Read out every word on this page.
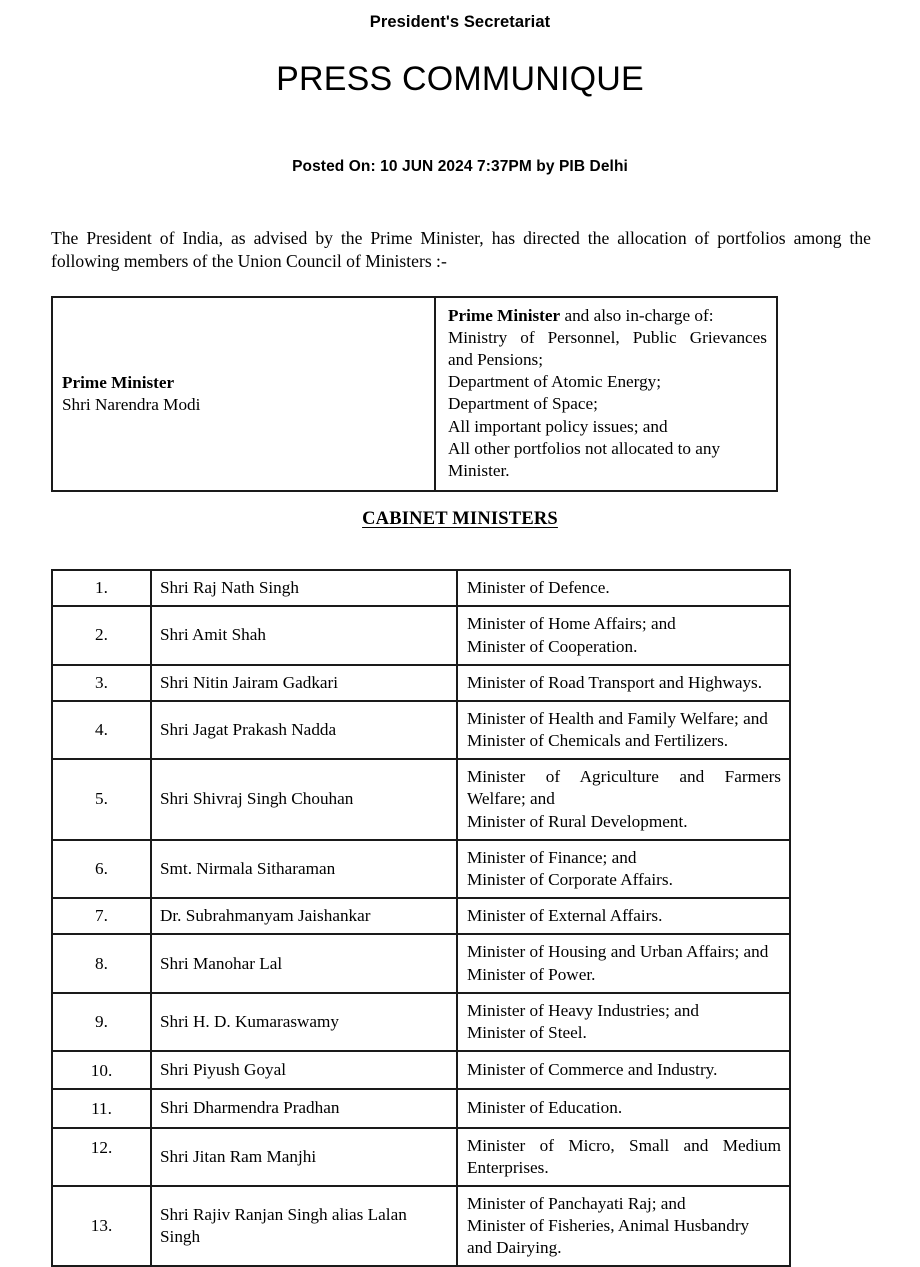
President's Secretariat
PRESS COMMUNIQUE
Posted On: 10 JUN 2024 7:37PM by PIB Delhi

The President of India, as advised by the Prime Minister, has directed the allocation of portfolios among the following members of the Union Council of Ministers :-

Prime Minister
Shri Narendra Modi

Prime Minister and also in-charge of:
Ministry of Personnel, Public Grievances
and Pensions;
Department of Atomic Energy;
Department of Space;
All important policy issues; and
All other portfolios not allocated to any
Minister.
CABINET MINISTERS
1.	Shri Raj Nath Singh	Minister of Defence.

2.	Shri Amit Shah	Minister of Home Affairs; and
Minister of Cooperation.

3.	Shri Nitin Jairam Gadkari	Minister of Road Transport and Highways.

4.	Shri Jagat Prakash Nadda	Minister of Health and Family Welfare; and
Minister of Chemicals and Fertilizers.

5.	Shri Shivraj Singh Chouhan	Minister of Agriculture and Farmers
Welfare; and
Minister of Rural Development.

6.	Smt. Nirmala Sitharaman	Minister of Finance; and
Minister of Corporate Affairs.

7.	Dr. Subrahmanyam Jaishankar	Minister of External Affairs.

8.	Shri Manohar Lal	Minister of Housing and Urban Affairs; and
Minister of Power.

9.	Shri H. D. Kumaraswamy	Minister of Heavy Industries; and
Minister of Steel.

10.	Shri Piyush Goyal	Minister of Commerce and Industry.

11.	Shri Dharmendra Pradhan	Minister of Education.

12.	Shri Jitan Ram Manjhi	Minister of Micro, Small and Medium
Enterprises.

13.	Shri Rajiv Ranjan Singh alias Lalan Singh	Minister of Panchayati Raj; and
Minister of Fisheries, Animal Husbandry
and Dairying.
